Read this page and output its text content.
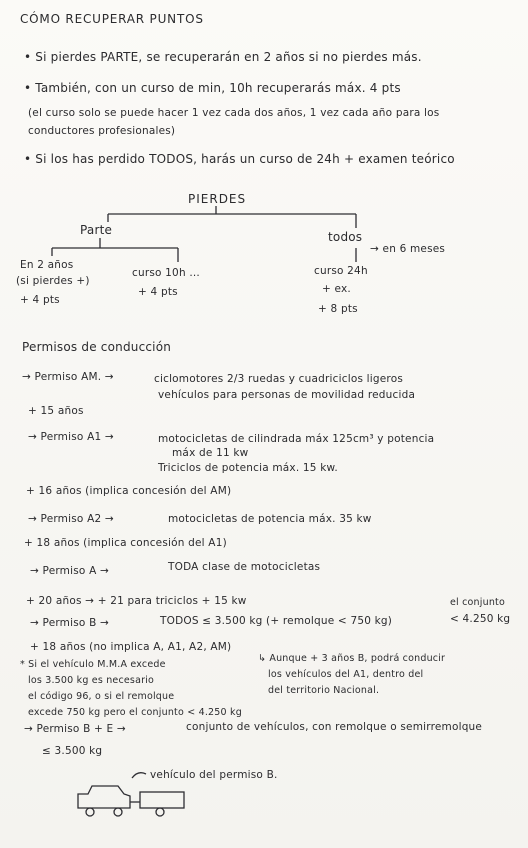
CÓMO RECUPERAR PUNTOS
• Si pierdes PARTE, se recuperarán en 2 años si no pierdes más.
• También, con un curso de min, 10h recuperarás máx. 4 pts
(el curso solo se puede hacer 1 vez cada dos años, 1 vez cada año para los
conductores profesionales)
• Si los has perdido TODOS, harás un curso de 24h + examen teórico
PIERDES
Parte	todos
En 2 años
(si pierdes +)
+ 4 pts
curso 10h ...
+ 4 pts
→ en 6 meses
curso 24h
+ ex.
+ 8 pts
Permisos de conducción
→ Permiso AM. →	ciclomotores 2/3 ruedas y cuadriciclos ligeros
vehículos para personas de movilidad reducida
+ 15 años
→ Permiso A1 →	motocicletas de cilindrada máx 125cm³ y potencia
máx de 11 kw
Triciclos de potencia máx. 15 kw.
+ 16 años (implica concesión del AM)
→ Permiso A2 →	motocicletas de potencia máx. 35 kw
+ 18 años (implica concesión del A1)
→ Permiso A →	TODA clase de motocicletas
+ 20 años → + 21 para triciclos + 15 kw	el conjunto
→ Permiso B →	TODOS ≤ 3.500 kg (+ remolque < 750 kg)	< 4.250 kg
+ 18 años (no implica A, A1, A2, AM)
* Si el vehículo M.M.A excede
los 3.500 kg es necesario
el código 96, o si el remolque
excede 750 kg pero el conjunto < 4.250 kg
↳ Aunque + 3 años B, podrá conducir
los vehículos del A1, dentro del
del territorio Nacional.
→ Permiso B + E →	conjunto de vehículos, con remolque o semirremolque
≤ 3.500 kg
vehículo del permiso B.
